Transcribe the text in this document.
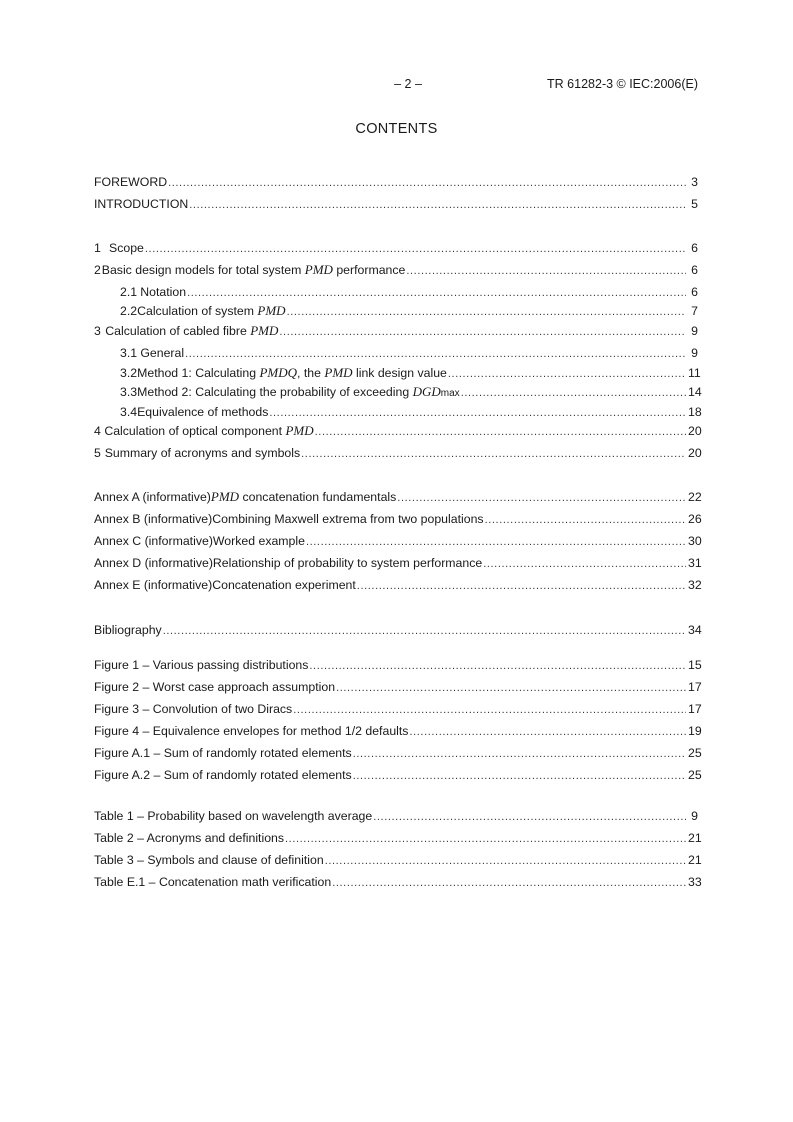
– 2 –	TR 61282-3 © IEC:2006(E)
CONTENTS
FOREWORD .....	3
INTRODUCTION .....	5
1 Scope .....	6
2 Basic design models for total system PMD performance .....	6
2.1 Notation .....	6
2.2 Calculation of system PMD .....	7
3 Calculation of cabled fibre PMD .....	9
3.1 General .....	9
3.2 Method 1: Calculating PMD Q , the PMD link design value .....	11
3.3 Method 2: Calculating the probability of exceeding DGD max .....	14
3.4 Equivalence of methods .....	18
4 Calculation of optical component PMD .....	20
5 Summary of acronyms and symbols .....	20
Annex A (informative) PMD concatenation fundamentals .....	22
Annex B (informative) Combining Maxwell extrema from two populations .....	26
Annex C (informative) Worked example .....	30
Annex D (informative) Relationship of probability to system performance .....	31
Annex E (informative) Concatenation experiment .....	32
Bibliography .....	34
Figure 1 – Various passing distributions .....	15
Figure 2 – Worst case approach assumption .....	17
Figure 3 – Convolution of two Diracs .....	17
Figure 4 – Equivalence envelopes for method 1/2 defaults .....	19
Figure A.1 – Sum of randomly rotated elements .....	25
Figure A.2 – Sum of randomly rotated elements .....	25
Table 1 – Probability based on wavelength average .....	9
Table 2 – Acronyms and definitions .....	21
Table 3 – Symbols and clause of definition .....	21
Table E.1 – Concatenation math verification .....	33
